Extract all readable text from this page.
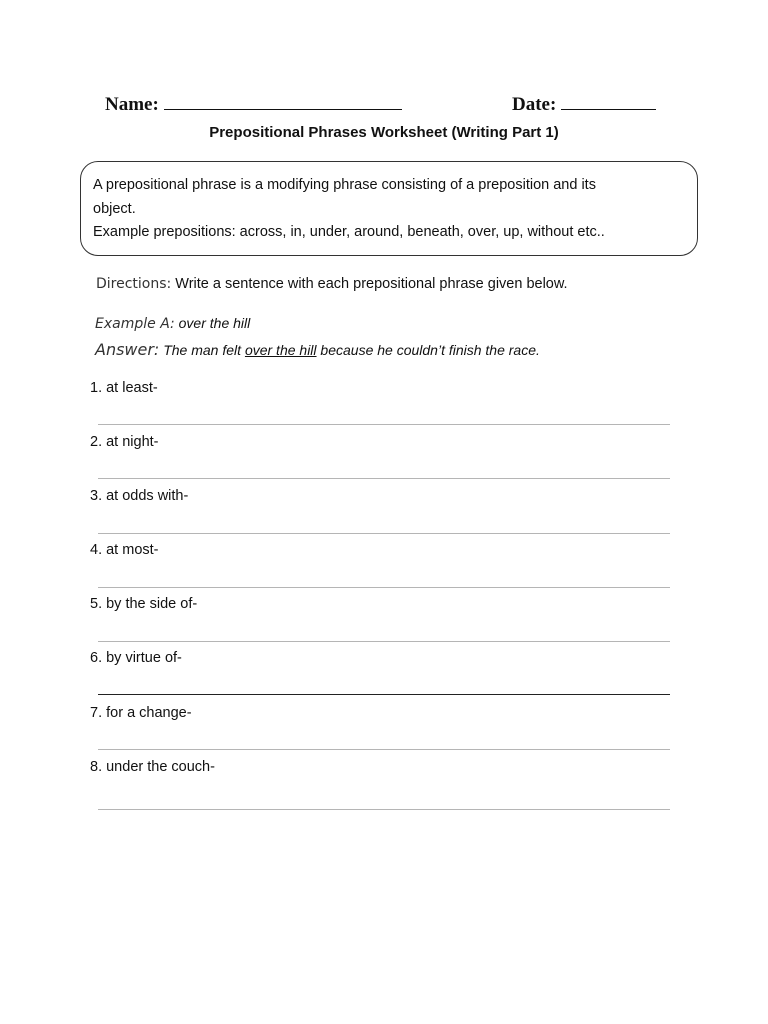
Name:	Date:
Prepositional Phrases Worksheet (Writing Part 1)
A prepositional phrase is a modifying phrase consisting of a preposition and its
object.
Example prepositions: across, in, under, around, beneath, over, up, without etc..
Directions: Write a sentence with each prepositional phrase given below.
Example A: over the hill
Answer: The man felt over the hill because he couldn’t finish the race.
1. at least-
2. at night-
3. at odds with-
4. at most-
5. by the side of-
6. by virtue of-
7. for a change-
8. under the couch-
